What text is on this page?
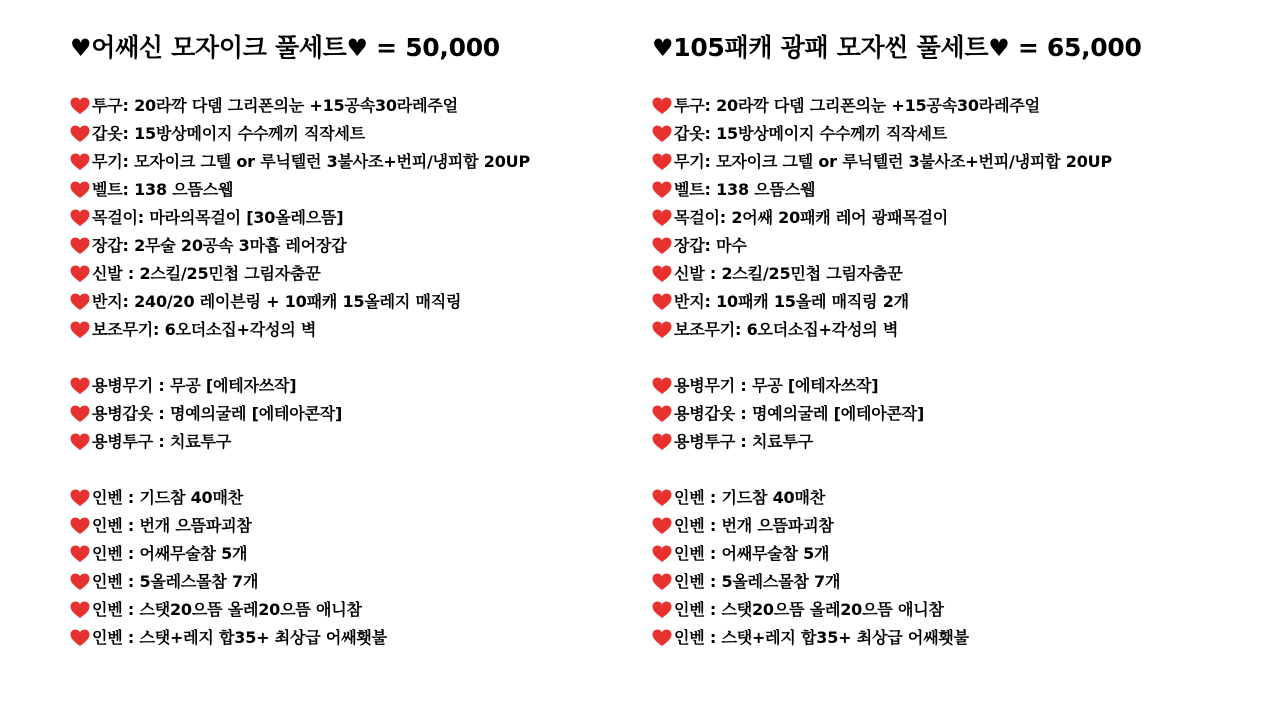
♥어쌔신 모자이크 풀세트♥ = 50,000
투구: 20라깍 다뎀 그리폰의눈 +15공속30라레주얼
갑옷: 15방상메이지 수수께끼 직작세트
무기: 모자이크 그텔 or 루닉텔런 3불사조+번피/냉피합 20UP
벨트: 138 으뜸스웹
목걸이: 마라의목걸이 [30올레으뜸]
장갑: 2무술 20공속 3마흡 레어장갑
신발 : 2스킬/25민첩 그림자춤꾼
반지: 240/20 레이븐링 + 10패캐 15올레지 매직링
보조무기: 6오더소집+각성의 벽
용병무기 : 무공 [에테자쓰작]
용병갑옷 : 명예의굴레 [에테아콘작]
용병투구 : 치료투구
인벤 : 기드참 40매찬
인벤 : 번개 으뜸파괴참
인벤 : 어쌔무술참 5개
인벤 : 5올레스몰참 7개
인벤 : 스탯20으뜸 올레20으뜸 애니참
인벤 : 스탯+레지 합35+ 최상급 어쌔횃불
♥105패캐 광패 모자씬 풀세트♥ = 65,000
투구: 20라깍 다뎀 그리폰의눈 +15공속30라레주얼
갑옷: 15방상메이지 수수께끼 직작세트
무기: 모자이크 그텔 or 루닉텔런 3불사조+번피/냉피합 20UP
벨트: 138 으뜸스웹
목걸이: 2어쌔 20패캐 레어 광패목걸이
장갑: 마수
신발 : 2스킬/25민첩 그림자춤꾼
반지: 10패캐 15올레 매직링 2개
보조무기: 6오더소집+각성의 벽
용병무기 : 무공 [에테자쓰작]
용병갑옷 : 명예의굴레 [에테아콘작]
용병투구 : 치료투구
인벤 : 기드참 40매찬
인벤 : 번개 으뜸파괴참
인벤 : 어쌔무술참 5개
인벤 : 5올레스몰참 7개
인벤 : 스탯20으뜸 올레20으뜸 애니참
인벤 : 스탯+레지 합35+ 최상급 어쌔횃불
